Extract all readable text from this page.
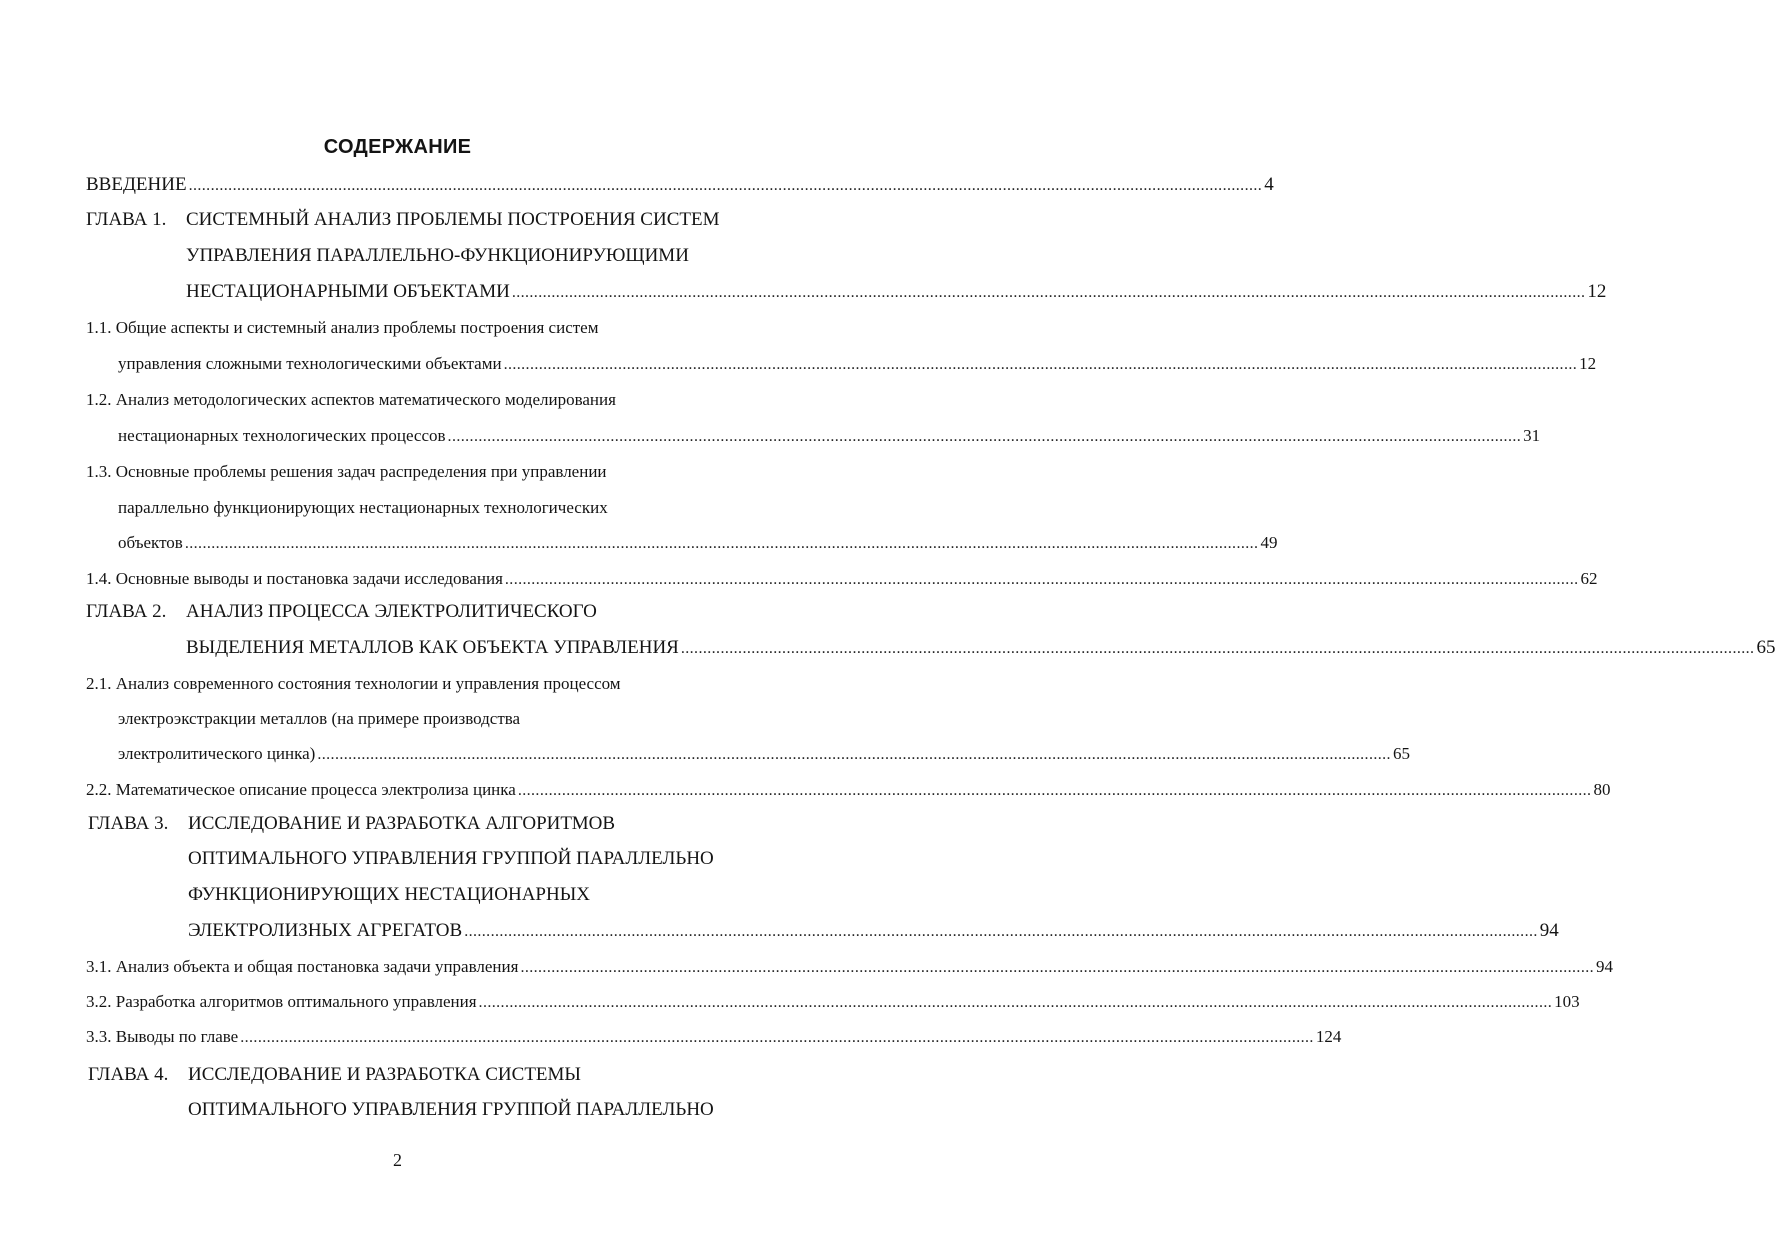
СОДЕРЖАНИЕ
ВВЕДЕНИЕ .................................................................................................................................................................................................................................................... 4
ГЛАВА 1. СИСТЕМНЫЙ АНАЛИЗ ПРОБЛЕМЫ ПОСТРОЕНИЯ СИСТЕМ
УПРАВЛЕНИЯ ПАРАЛЛЕЛЬНО-ФУНКЦИОНИРУЮЩИМИ
НЕСТАЦИОНАРНЫМИ ОБЪЕКТАМИ .................................................................................................................................................................................................................................................... 12
1.1. Общие аспекты и системный анализ проблемы построения систем
управления сложными технологическими объектами .................................................................................................................................................................................................................................................... 12
1.2. Анализ методологических аспектов математического моделирования
нестационарных технологических процессов .................................................................................................................................................................................................................................................... 31
1.3. Основные проблемы решения задач распределения при управлении
параллельно функционирующих нестационарных технологических
объектов .................................................................................................................................................................................................................................................... 49
1.4. Основные выводы и постановка задачи исследования .................................................................................................................................................................................................................................................... 62
ГЛАВА 2. АНАЛИЗ ПРОЦЕССА ЭЛЕКТРОЛИТИЧЕСКОГО
ВЫДЕЛЕНИЯ МЕТАЛЛОВ КАК ОБЪЕКТА УПРАВЛЕНИЯ .................................................................................................................................................................................................................................................... 65
2.1. Анализ современного состояния технологии и управления процессом
электроэкстракции металлов (на примере производства
электролитического цинка) .................................................................................................................................................................................................................................................... 65
2.2. Математическое описание процесса электролиза цинка .................................................................................................................................................................................................................................................... 80
ГЛАВА 3. ИССЛЕДОВАНИЕ И РАЗРАБОТКА АЛГОРИТМОВ
ОПТИМАЛЬНОГО УПРАВЛЕНИЯ ГРУППОЙ ПАРАЛЛЕЛЬНО
ФУНКЦИОНИРУЮЩИХ НЕСТАЦИОНАРНЫХ
ЭЛЕКТРОЛИЗНЫХ АГРЕГАТОВ .................................................................................................................................................................................................................................................... 94
3.1. Анализ объекта и общая постановка задачи управления .................................................................................................................................................................................................................................................... 94
3.2. Разработка алгоритмов оптимального управления .................................................................................................................................................................................................................................................... 103
3.3. Выводы по главе .................................................................................................................................................................................................................................................... 124
ГЛАВА 4. ИССЛЕДОВАНИЕ И РАЗРАБОТКА СИСТЕМЫ
ОПТИМАЛЬНОГО УПРАВЛЕНИЯ ГРУППОЙ ПАРАЛЛЕЛЬНО
2
